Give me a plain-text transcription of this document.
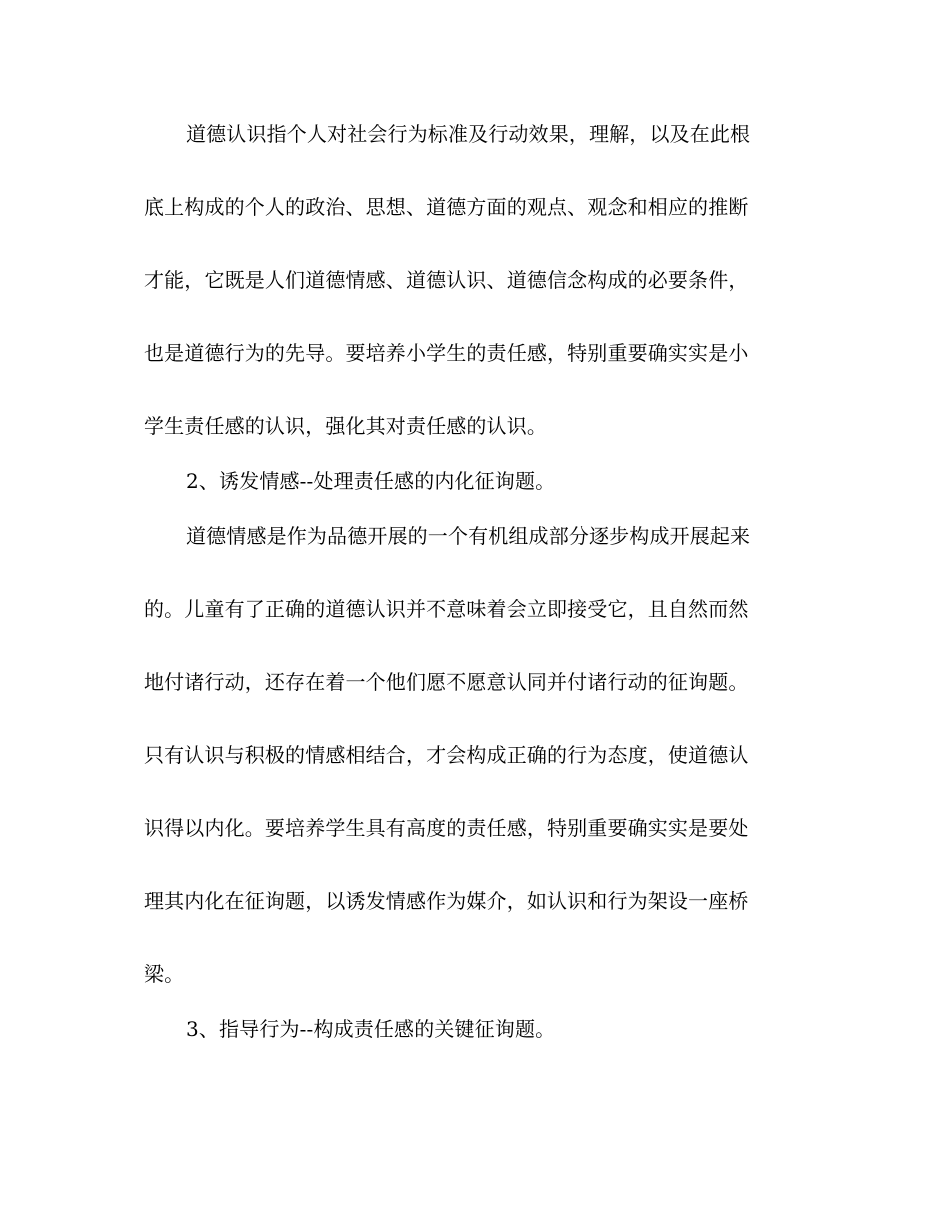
道德认识指个人对社会行为标准及行动效果，理解，以及在此根
底上构成的个人的政治、思想、道德方面的观点、观念和相应的推断
才能，它既是人们道德情感、道德认识、道德信念构成的必要条件，
也是道德行为的先导。要培养小学生的责任感，特别重要确实实是小
学生责任感的认识，强化其对责任感的认识。
2、诱发情感--处理责任感的内化征询题。
道德情感是作为品德开展的一个有机组成部分逐步构成开展起来
的。儿童有了正确的道德认识并不意味着会立即接受它，且自然而然
地付诸行动，还存在着一个他们愿不愿意认同并付诸行动的征询题。
只有认识与积极的情感相结合，才会构成正确的行为态度，使道德认
识得以内化。要培养学生具有高度的责任感，特别重要确实实是要处
理其内化在征询题，以诱发情感作为媒介，如认识和行为架设一座桥
梁。
3、指导行为--构成责任感的关键征询题。
